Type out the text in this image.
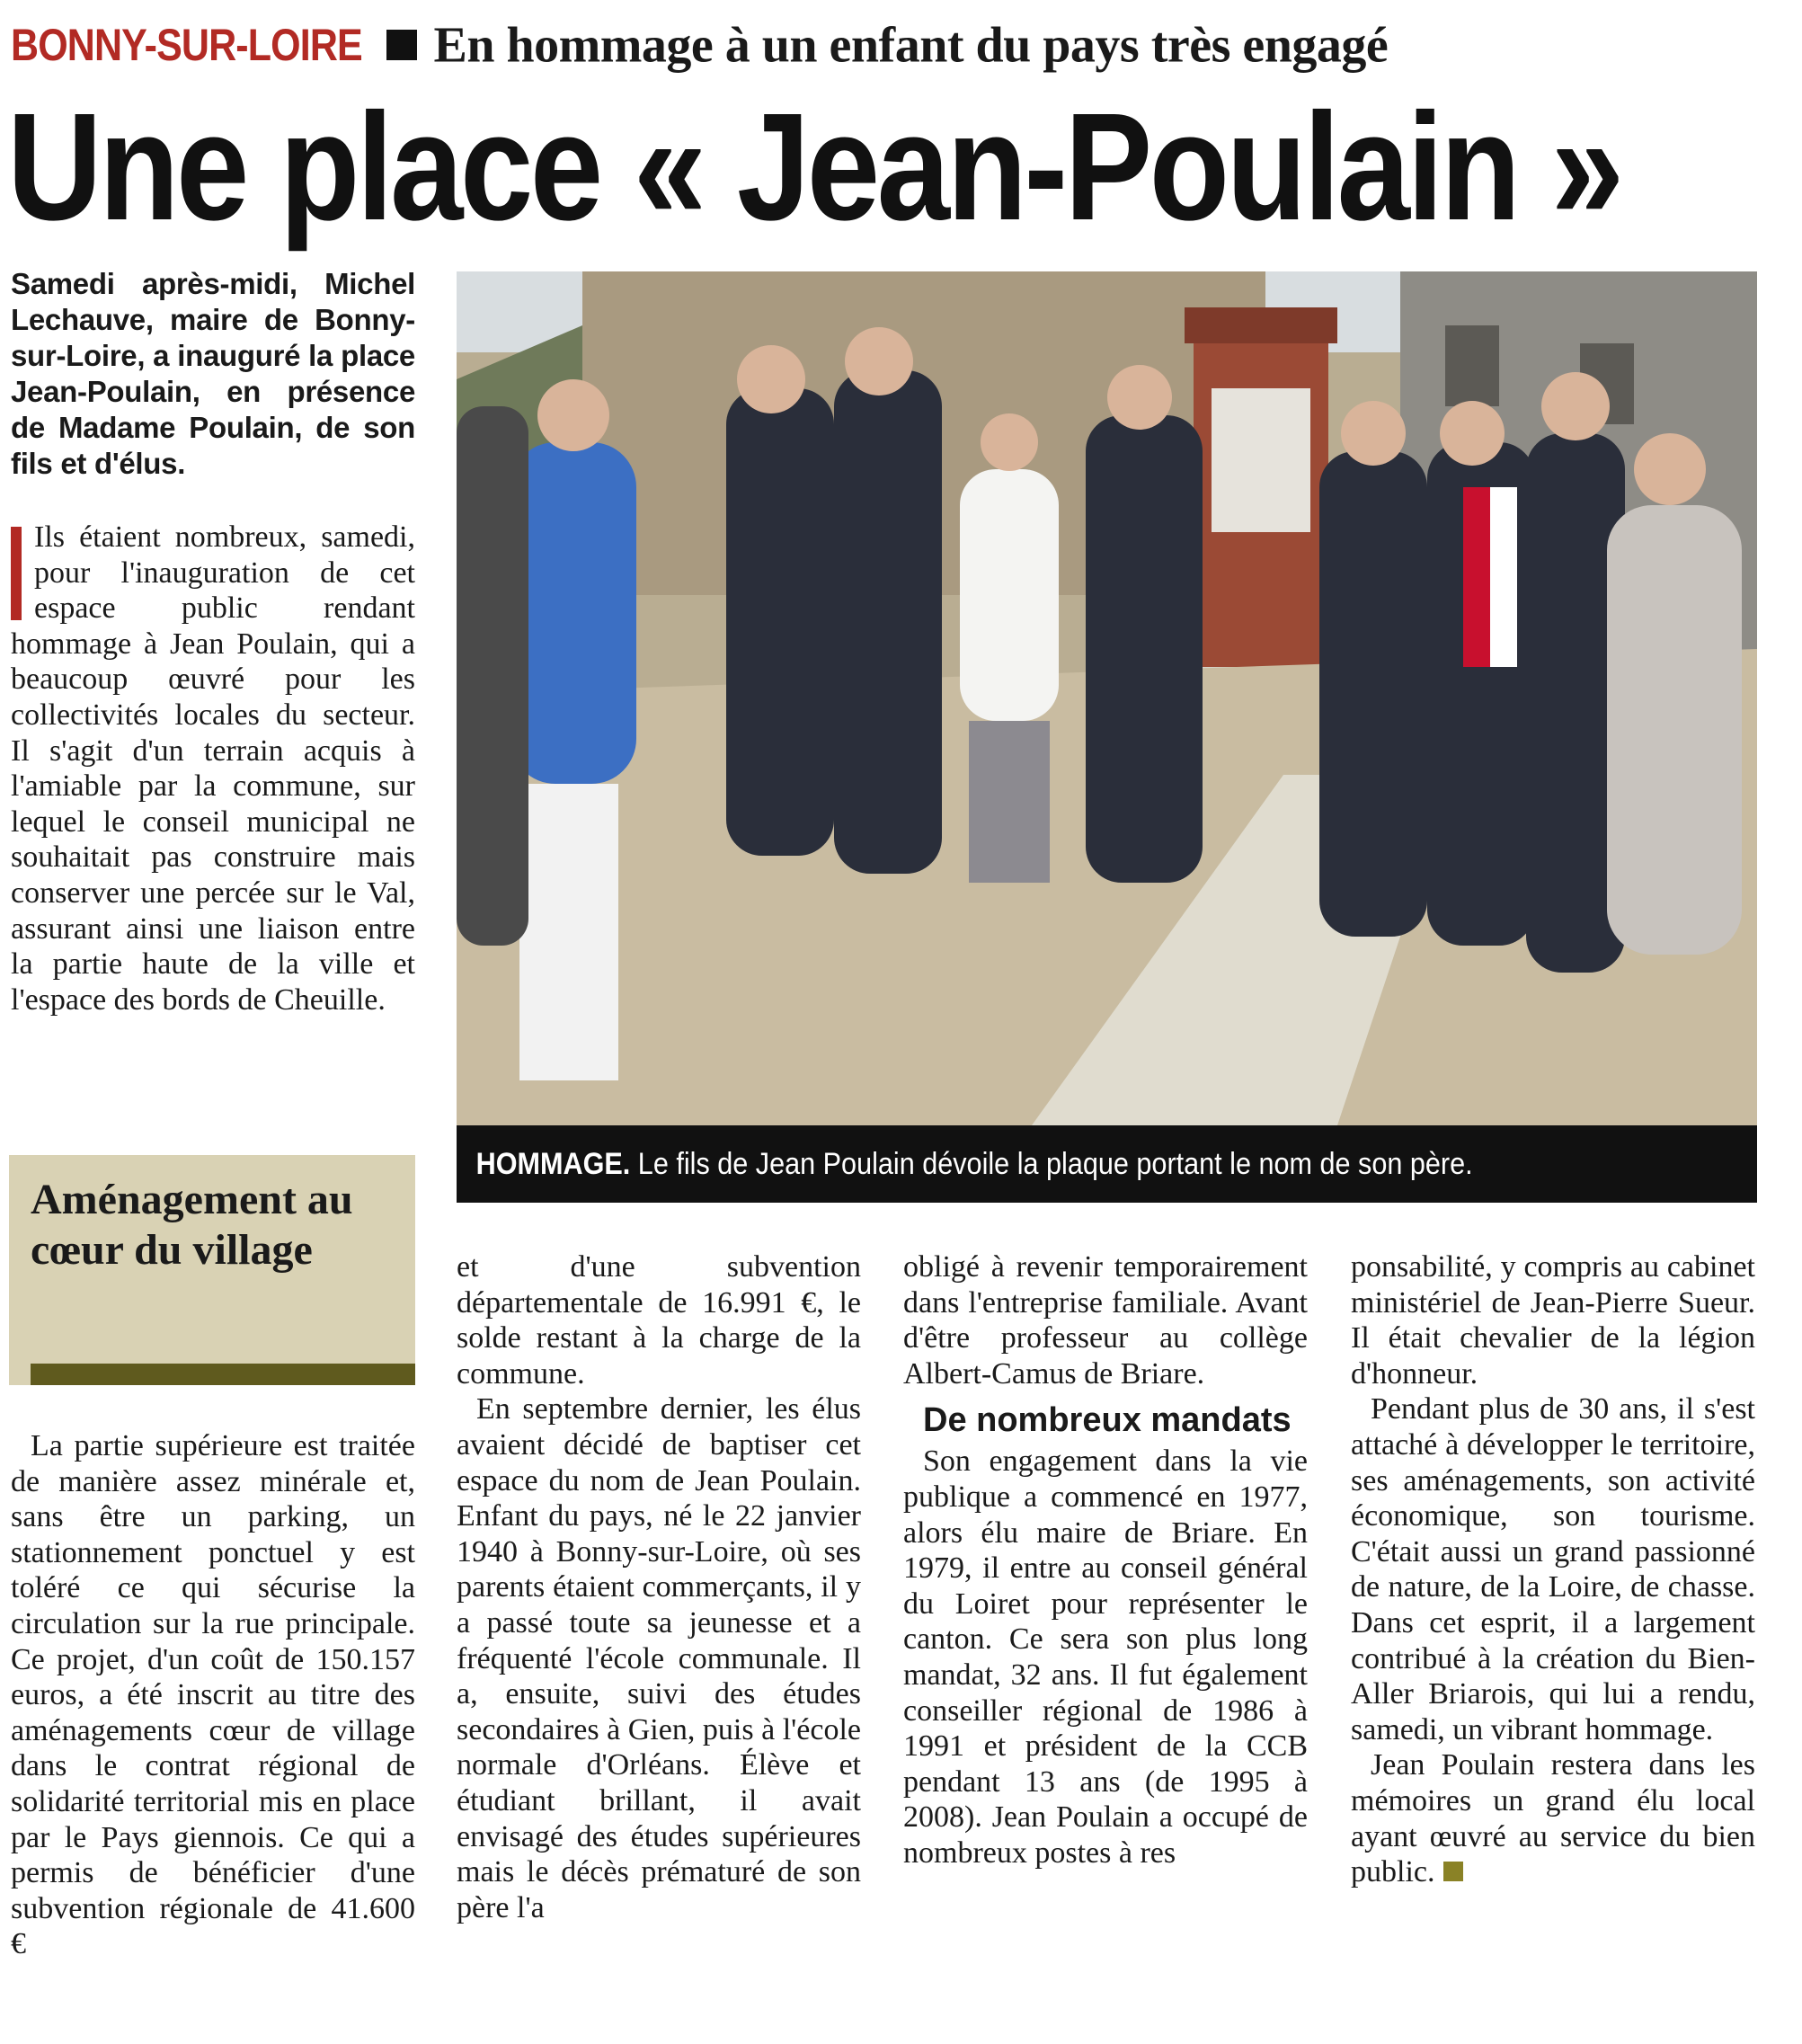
BONNY-SUR-LOIRE En hommage à un enfant du pays très engagé
Une place « Jean-Poulain »
Samedi après-midi, Michel Lechauve, maire de Bonny-sur-Loire, a inauguré la place Jean-Poulain, en présence de Madame Poulain, de son fils et d'élus.

Ils étaient nombreux, samedi, pour l'inauguration de cet espace public rendant hommage à Jean Poulain, qui a beaucoup œuvré pour les collectivités locales du secteur. Il s'agit d'un terrain acquis à l'amiable par la commune, sur lequel le conseil municipal ne souhaitait pas construire mais conserver une percée sur le Val, assurant ainsi une liaison entre la partie haute de la ville et l'espace des bords de Cheuille.

Aménagement au cœur du village

La partie supérieure est traitée de manière assez minérale et, sans être un parking, un stationnement ponctuel y est toléré ce qui sécurise la circulation sur la rue principale. Ce projet, d'un coût de 150.157 euros, a été inscrit au titre des aménagements cœur de village dans le contrat régional de solidarité territorial mis en place par le Pays giennois. Ce qui a permis de bénéficier d'une subvention régionale de 41.600 €

et d'une subvention départementale de 16.991 €, le solde restant à la charge de la commune.

En septembre dernier, les élus avaient décidé de baptiser cet espace du nom de Jean Poulain. Enfant du pays, né le 22 janvier 1940 à Bonny-sur-Loire, où ses parents étaient commerçants, il y a passé toute sa jeunesse et a fréquenté l'école communale. Il a, ensuite, suivi des études secondaires à Gien, puis à l'école normale d'Orléans. Élève et étudiant brillant, il avait envisagé des études supérieures mais le décès prématuré de son père l'a

obligé à revenir temporairement dans l'entreprise familiale. Avant d'être professeur au collège Albert-Camus de Briare.

De nombreux mandats

Son engagement dans la vie publique a commencé en 1977, alors élu maire de Briare. En 1979, il entre au conseil général du Loiret pour représenter le canton. Ce sera son plus long mandat, 32 ans. Il fut également conseiller régional de 1986 à 1991 et président de la CCB pendant 13 ans (de 1995 à 2008). Jean Poulain a occupé de nombreux postes à res

ponsabilité, y compris au cabinet ministériel de Jean-Pierre Sueur. Il était chevalier de la légion d'honneur.

Pendant plus de 30 ans, il s'est attaché à développer le territoire, ses aménagements, son activité économique, son tourisme. C'était aussi un grand passionné de nature, de la Loire, de chasse. Dans cet esprit, il a largement contribué à la création du Bien-Aller Briarois, qui lui a rendu, samedi, un vibrant hommage.

Jean Poulain restera dans les mémoires un grand élu local ayant œuvré au service du bien public.

HOMMAGE. Le fils de Jean Poulain dévoile la plaque portant le nom de son père.
